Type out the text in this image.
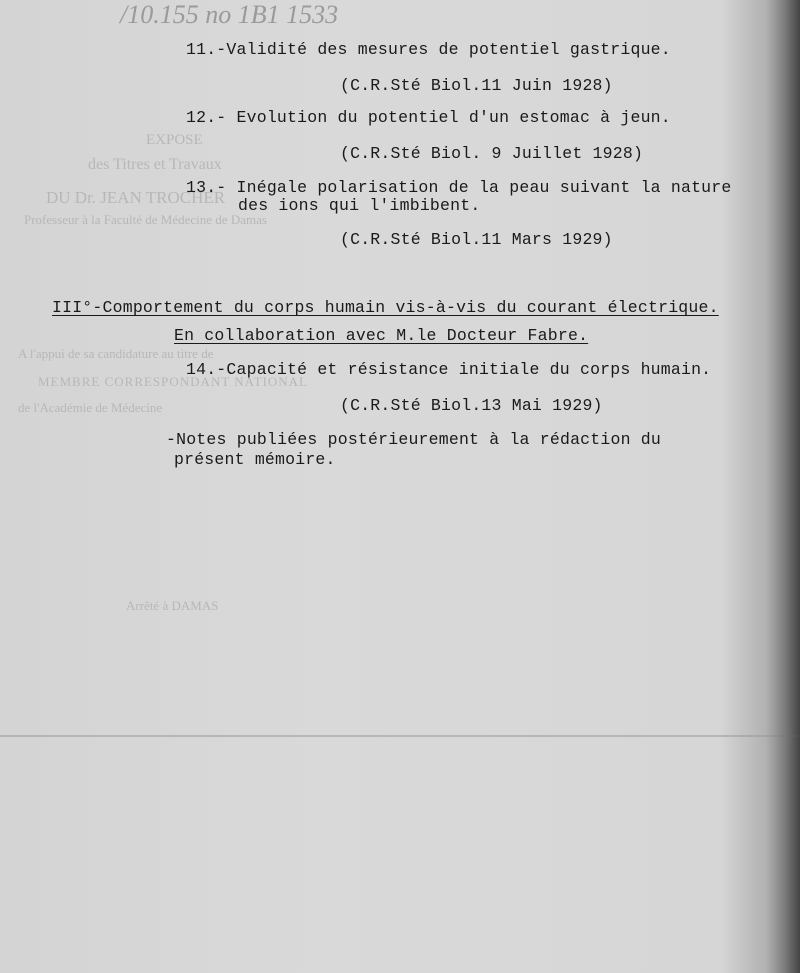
/10.155 no 1B1 1533
EXPOSE
des Titres et Travaux
DU Dr. JEAN TROCHER
Professeur à la Faculté de Médecine de Damas
A l'appui de sa candidature au titre de
MEMBRE CORRESPONDANT NATIONAL
de l'Académie de Médecine
Arrêté à DAMAS
11.-Validité des mesures de potentiel gastrique.
(C.R.Sté Biol.11 Juin 1928)
12.- Evolution du potentiel d'un estomac à jeun.
(C.R.Sté Biol. 9 Juillet 1928)
13.- Inégale polarisation de la peau suivant la nature
des ions qui l'imbibent.
(C.R.Sté Biol.11 Mars 1929)
III°-Comportement du corps humain vis-à-vis du courant électrique.
En collaboration avec M.le Docteur Fabre.
14.-Capacité et résistance initiale du corps humain.
(C.R.Sté Biol.13 Mai 1929)
-Notes publiées postérieurement à la rédaction du
présent mémoire.
